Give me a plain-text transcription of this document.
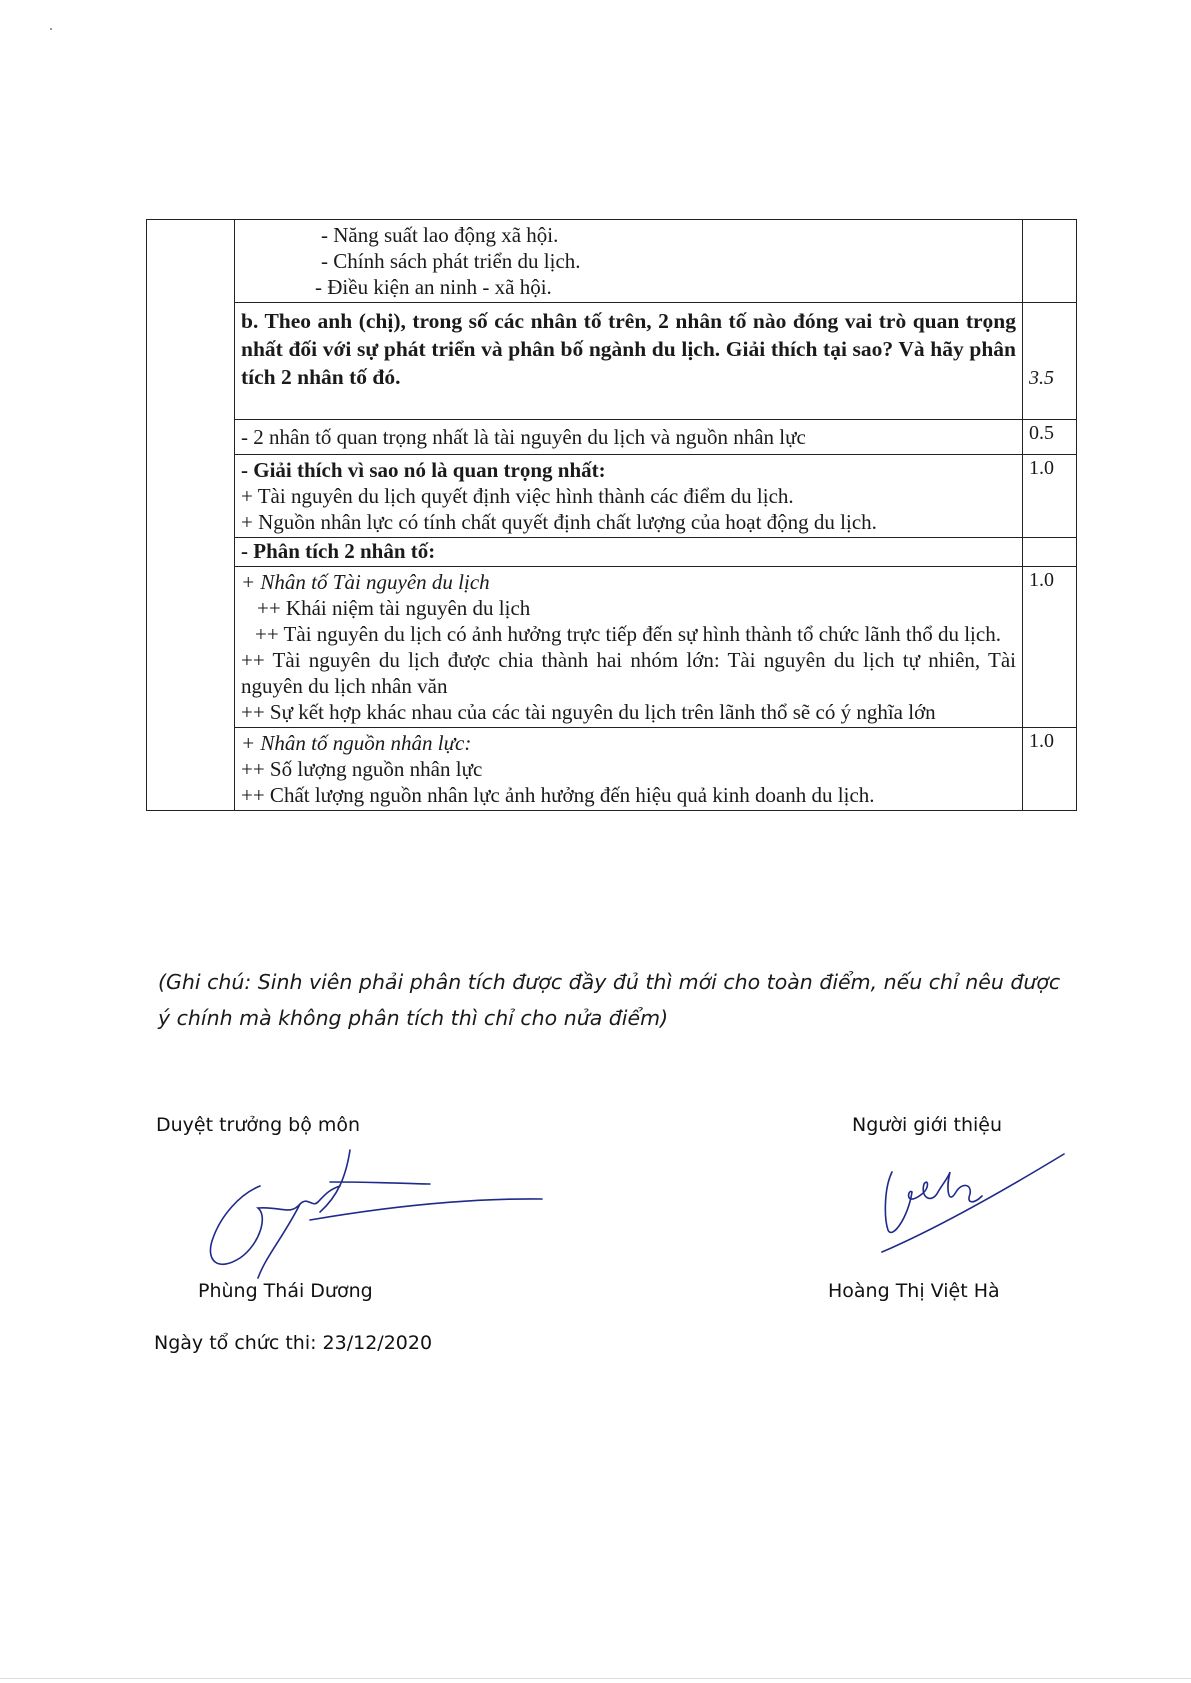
	- Năng suất lao động xã hội.
- Chính sách phát triển du lịch.
- Điều kiện an ninh - xã hội.	

	b. Theo anh (chị), trong số các nhân tố trên, 2 nhân tố nào đóng vai trò quan trọng nhất đối với sự phát triển và phân bố ngành du lịch. Giải thích tại sao? Và hãy phân tích 2 nhân tố đó.	3.5
	- 2 nhân tố quan trọng nhất là tài nguyên du lịch và nguồn nhân lực	0.5

	- Giải thích vì sao nó là quan trọng nhất:
+ Tài nguyên du lịch quyết định việc hình thành các điểm du lịch.
+ Nguồn nhân lực có tính chất quyết định chất lượng của hoạt động du lịch.	1.0
	- Phân tích 2 nhân tố:	

	+ Nhân tố Tài nguyên du lịch
++ Khái niệm tài nguyên du lịch
++ Tài nguyên du lịch có ảnh hưởng trực tiếp đến sự hình thành tổ chức lãnh thổ du lịch.
++ Tài nguyên du lịch được chia thành hai nhóm lớn: Tài nguyên du lịch tự nhiên, Tài nguyên du lịch nhân văn
++ Sự kết hợp khác nhau của các tài nguyên du lịch trên lãnh thổ sẽ có ý nghĩa lớn	1.0

	+ Nhân tố nguồn nhân lực:
++ Số lượng nguồn nhân lực
++ Chất lượng nguồn nhân lực ảnh hưởng đến hiệu quả kinh doanh du lịch.	1.0
(Ghi chú: Sinh viên phải phân tích được đầy đủ thì mới cho toàn điểm, nếu chỉ nêu được ý chính mà không phân tích thì chỉ cho nửa điểm)
Duyệt trưởng bộ môn
Phùng Thái Dương
Người giới thiệu
Hoàng Thị Việt Hà
Ngày tổ chức thi: 23/12/2020
